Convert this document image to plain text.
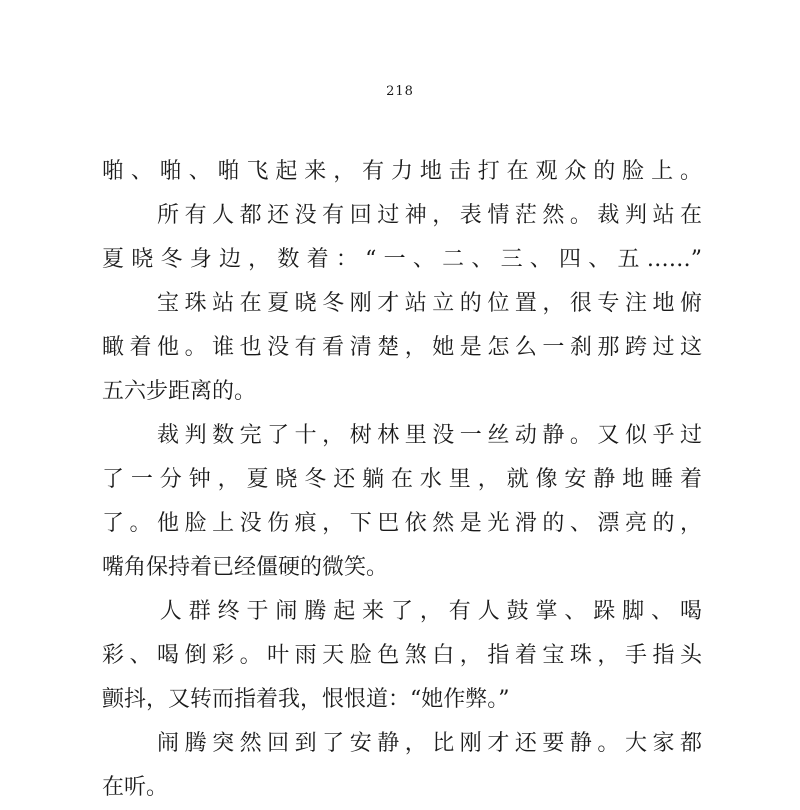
218
啪、啪、啪飞起来，有力地击打在观众的脸上。
　　所有人都还没有回过神，表情茫然。裁判站在
夏晓冬身边，数着：“一、二、三、四、五……”
　　宝珠站在夏晓冬刚才站立的位置，很专注地俯
瞰着他。谁也没有看清楚，她是怎么一刹那跨过这
五六步距离的。
　　裁判数完了十，树林里没一丝动静。又似乎过
了一分钟，夏晓冬还躺在水里，就像安静地睡着
了。他脸上没伤痕，下巴依然是光滑的、漂亮的，
嘴角保持着已经僵硬的微笑。
　　人群终于闹腾起来了，有人鼓掌、跺脚、喝
彩、喝倒彩。叶雨天脸色煞白，指着宝珠，手指头
颤抖，又转而指着我，恨恨道：“她作弊。”
　　闹腾突然回到了安静，比刚才还要静。大家都
在听。
